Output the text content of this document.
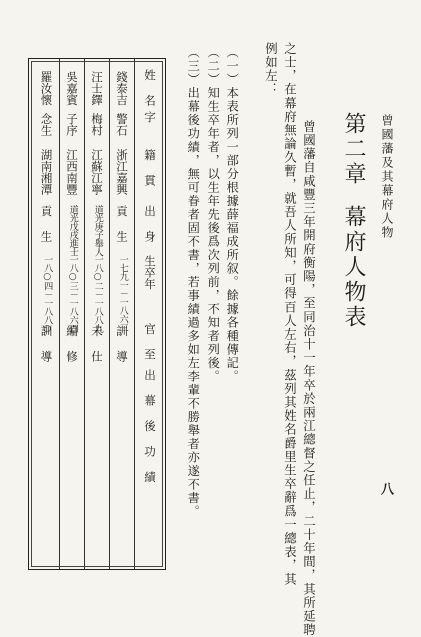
曾國藩及其幕府人物
八
第二章幕府人物表
曾國藩自咸豐三年開府衡陽，至同治十一年卒於兩江總督之任止，二十年間，其所延聘
之士，在幕府無論久暫，就吾人所知，可得百人左右，茲列其姓名爵里生卒辭爲一總表，其
例如左：
（一）本表所列一部分根據薛福成所叙。餘據各種傳記。
（二）知生卒年者，以生年先後爲次列前，不知者列後。
（三）出幕後功績，無可眷者固不書，若事績過多如左李輩不勝舉者亦遂不書。
姓 名
字
籍 貫
出 身
生卒年
官 至
出 幕 後 功 績
錢泰吉
警石
浙江嘉興
貢 生
一七九一－一八六三
訓 導
汪士鐸
梅村
江蘇江寧
道光庚子舉人
一八○二－一八八九
未 仕
吳嘉賓
子序
江西南豐
道光戊戌進士
一八○三－一八六四
編 修
羅汝懷
念生
湖南湘潭
貢 生
一八○四－一八八○
訓 導
